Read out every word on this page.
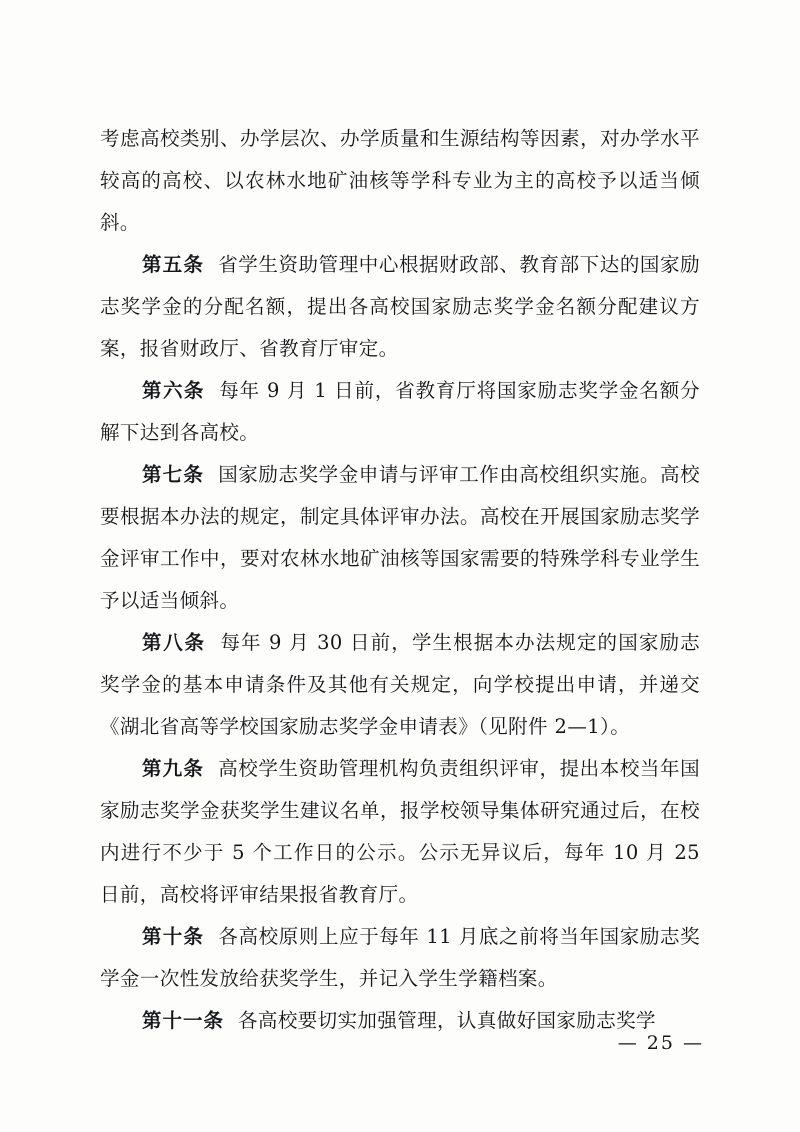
考虑高校类别、办学层次、办学质量和生源结构等因素，对办学水平较高的高校、以农林水地矿油核等学科专业为主的高校予以适当倾斜。

第五条 省学生资助管理中心根据财政部、教育部下达的国家励志奖学金的分配名额，提出各高校国家励志奖学金名额分配建议方案，报省财政厅、省教育厅审定。

第六条 每年 9 月 1 日前，省教育厅将国家励志奖学金名额分解下达到各高校。

第七条 国家励志奖学金申请与评审工作由高校组织实施。高校要根据本办法的规定，制定具体评审办法。高校在开展国家励志奖学金评审工作中，要对农林水地矿油核等国家需要的特殊学科专业学生予以适当倾斜。

第八条 每年 9 月 30 日前，学生根据本办法规定的国家励志奖学金的基本申请条件及其他有关规定，向学校提出申请，并递交《湖北省高等学校国家励志奖学金申请表》（见附件 2—1）。

第九条 高校学生资助管理机构负责组织评审，提出本校当年国家励志奖学金获奖学生建议名单，报学校领导集体研究通过后，在校内进行不少于 5 个工作日的公示。公示无异议后，每年 10 月 25 日前，高校将评审结果报省教育厅。

第十条 各高校原则上应于每年 11 月底之前将当年国家励志奖学金一次性发放给获奖学生，并记入学生学籍档案。

第十一条 各高校要切实加强管理，认真做好国家励志奖学

— 25 —
